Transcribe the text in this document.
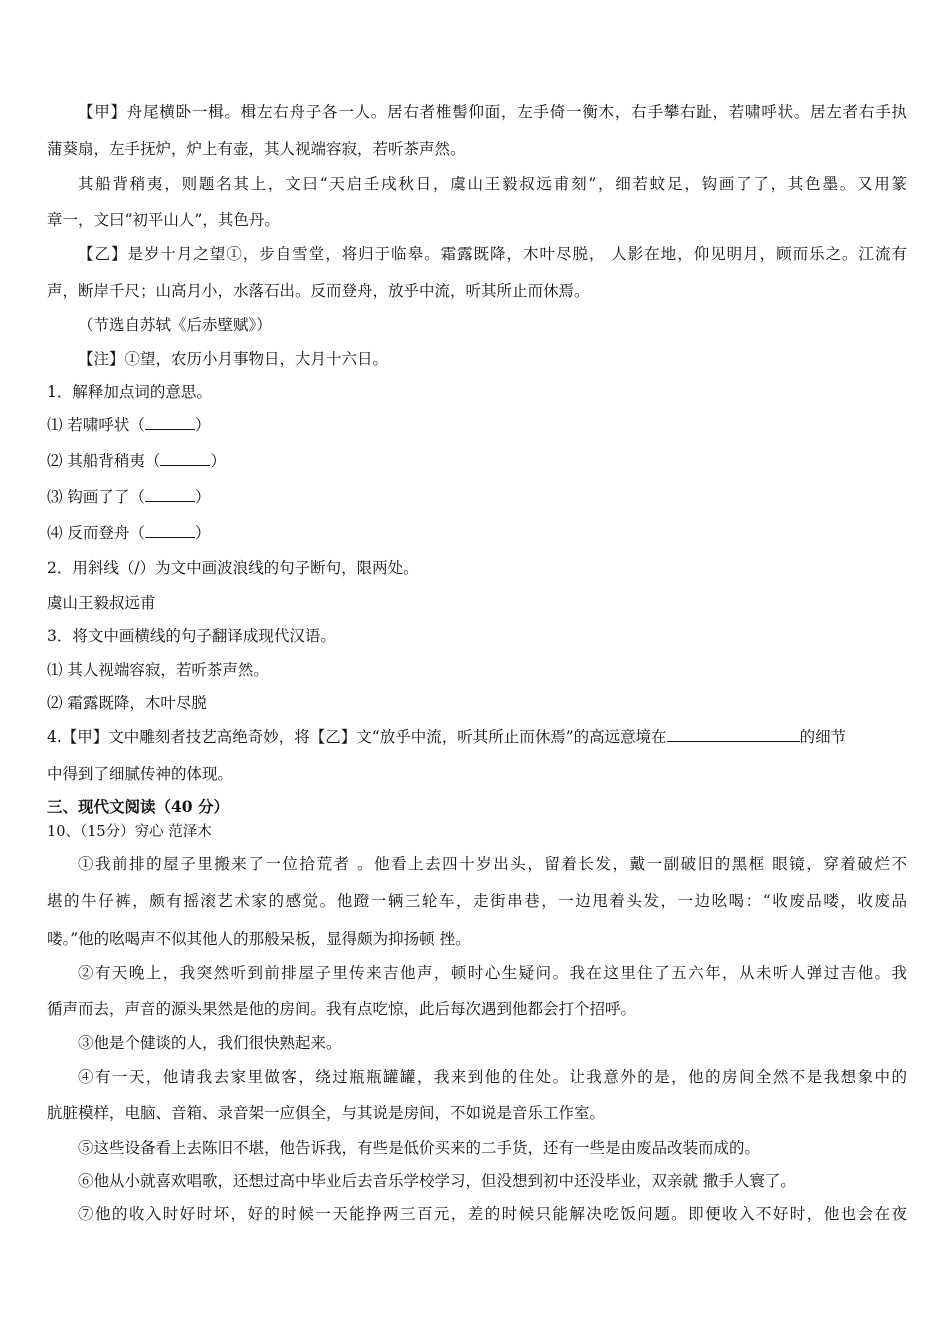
【甲】舟尾横卧一楫。楫左右舟子各一人。居右者椎髻仰面，左手倚一衡木，右手攀右趾，若啸呼状。居左者右手执
蒲葵扇，左手抚炉，炉上有壶，其人视端容寂，若听茶声然。
其船背稍夷，则题名其上，文曰“天启壬戌秋日，虞山王毅叔远甫刻”，细若蚊足，钩画了了，其色墨。又用篆
章一，文曰“初平山人”，其色丹。
【乙】是岁十月之望①，步自雪堂，将归于临皋。霜露既降，木叶尽脱， 人影在地，仰见明月，顾而乐之。江流有
声，断岸千尺；山高月小，水落石出。反而登舟，放乎中流，听其所止而休焉。
（节选自苏轼《后赤壁赋》）
【注】①望，农历小月事物日，大月十六日。
1．解释加点词的意思。
⑴ 若啸呼状（	）
⑵ 其船背稍夷（	）
⑶ 钩画了了（	）
⑷ 反而登舟（	）
2．用斜线（/）为文中画波浪线的句子断句，限两处。
虞山王毅叔远甫
3．将文中画横线的句子翻译成现代汉语。
⑴ 其人视端容寂，若听茶声然。
⑵ 霜露既降，木叶尽脱
4.【甲】文中雕刻者技艺高绝奇妙，将【乙】文“放乎中流，听其所止而休焉”的高远意境在	的细节
中得到了细腻传神的体现。
三、现代文阅读（40 分）
10、（15分）穷心 范泽木
①我前排的屋子里搬来了一位拾荒者 。他看上去四十岁出头，留着长发，戴一副破旧的黑框 眼镜，穿着破烂不
堪的牛仔裤，颇有摇滚艺术家的感觉。他蹬一辆三轮车，走街串巷，一边甩着头发，一边吆喝：“收废品喽，收废品
喽。”他的吆喝声不似其他人的那般呆板，显得颇为抑扬顿 挫。
②有天晚上，我突然听到前排屋子里传来吉他声，顿时心生疑问。我在这里住了五六年，从未听人弹过吉他。我
循声而去，声音的源头果然是他的房间。我有点吃惊，此后每次遇到他都会打个招呼。
③他是个健谈的人，我们很快熟起来。
④有一天，他请我去家里做客，绕过瓶瓶罐罐，我来到他的住处。让我意外的是，他的房间全然不是我想象中的
肮脏模样，电脑、音箱、录音架一应俱全，与其说是房间，不如说是音乐工作室。
⑤这些设备看上去陈旧不堪，他告诉我，有些是低价买来的二手货，还有一些是由废品改装而成的。
⑥他从小就喜欢唱歌，还想过高中毕业后去音乐学校学习，但没想到初中还没毕业，双亲就 撒手人寰了。
⑦他的收入时好时坏，好的时候一天能挣两三百元，差的时候只能解决吃饭问题。即便收入不好时，他也会在夜
